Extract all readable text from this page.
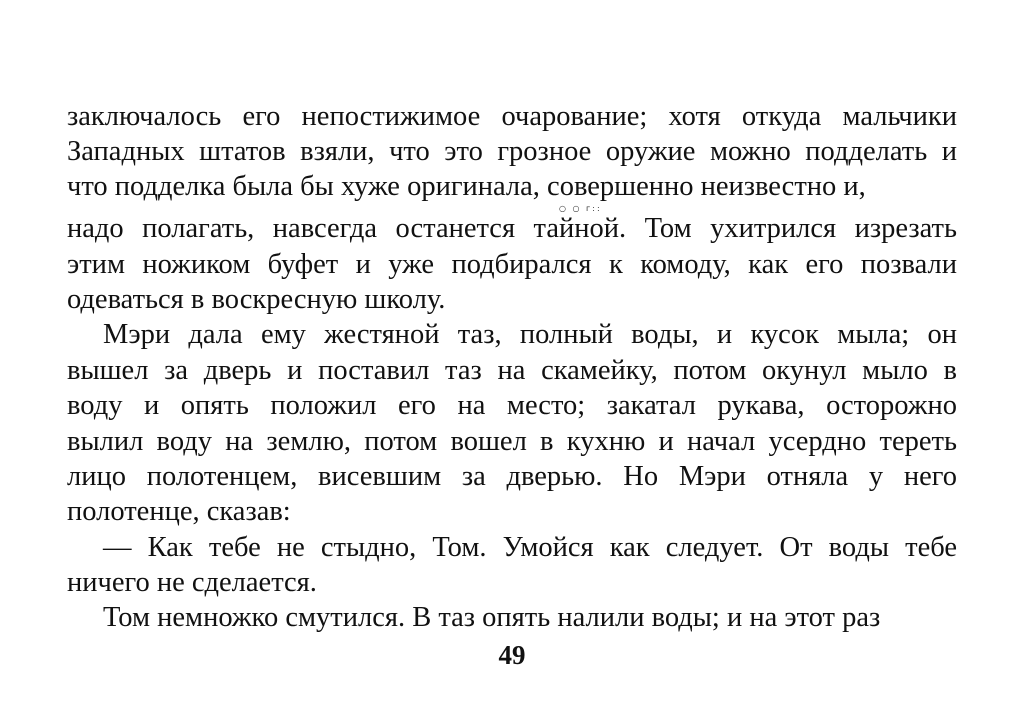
заключалось его непостижимое очарование; хотя откуда мальчики
Западных штатов взяли, что это грозное оружие можно подделать и
что подделка была бы хуже оригинала, совершенно неизвестно и,
○ ○ г::
надо полагать, навсегда останется тайной. Том ухитрился изрезать
этим ножиком буфет и уже подбирался к комоду, как его позвали
одеваться в воскресную школу.
Мэри дала ему жестяной таз, полный воды, и кусок мыла; он
вышел за дверь и поставил таз на скамейку, потом окунул мыло в
воду и опять положил его на место; закатал рукава, осторожно
вылил воду на землю, потом вошел в кухню и начал усердно тереть
лицо полотенцем, висевшим за дверью. Но Мэри отняла у него
полотенце, сказав:
— Как тебе не стыдно, Том. Умойся как следует. От воды тебе
ничего не сделается.
Том немножко смутился. В таз опять налили воды; и на этот раз
49
